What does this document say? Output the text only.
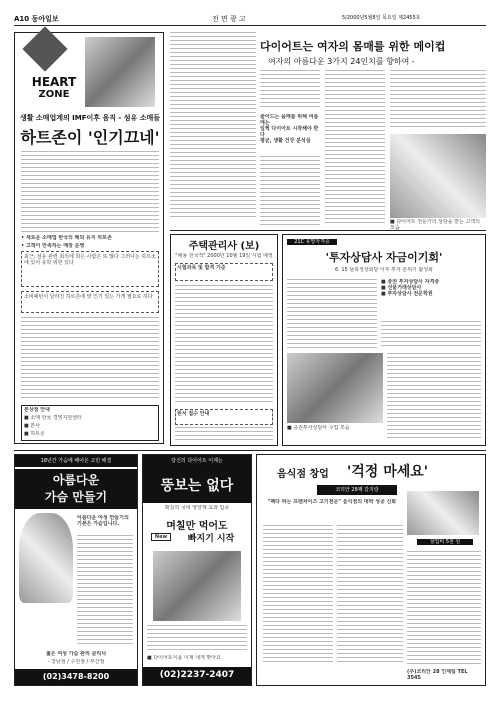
A10 동아일보	전 면 광 고	5/2000년5월8일 목요일 제2455호
HEART
ZONE
생활 소매업계의 IMF이후 움직 - 섬유 소매들
하트존이 '인기끄네'
• 새로운 소매업 한국의 해외 유지 하트존
• 고객이 만족하는 매장 운영
최근, 섬유 관련 회의에 희은 사람은 또 많다 그러나는 하트소에 있어 유학 위한 있다
소비패턴이 달라진 하트존에 맞 인기 있는 가게 필요로 하다
본상점 안내
■ 소매 한국 경영지원센터
■ 본사
■ 하트존
다이어트는 여자의 몸매를 위한 메이컵
여자의 아름다운 3가지 24인치를 향하여 -
줄어드는 몸매를 위해 여름에는
일찍 다이어트 시작해야 한다
평균, 생활 건강 분석실
■ 다이어트 전문가의 상담을 받는 고객의 모습
주택관리사 (보)
"채용 전국적" 2000년 10월 19일 시험 예정
시험과목 및 합격 기준
원서 접수 안내
21C 유망자격증
'투자상담사 자금이기회'
6. 15 남북정상회담 이후 투자 분위기 활성화
■ 증권 투자상담사 자격증
■ 선물거래상담사
■ 투자상담사 전문학원
■ 증권투자상담사 수업 모습
18년간 가슴에 배어온 고민 해결
아름다운
가슴 만들기
아름다운 여성 만들기의 기본은 가슴입니다.
젊은 여성 가슴 관리 클리닉
- 강남점 / 수원점 / 부산점
(02)3478-8200
당신의 다이어트 이제는
뚱보는 없다
확실히 국내 영양제 효과 입증
며칠만 먹어도
New	빠지기 시작
■ 다이어트식품 이제 내게 맞아요
(02)2237-2407
음식점 창업 '걱정 마세요'
코리안 28째 갈지랑
"팩다 파는 프랜차이즈 고기전문" 음식점의 대박 성공 신화
창업비 5천 원
(주)코리안 28 인재팀 TEL 3545
